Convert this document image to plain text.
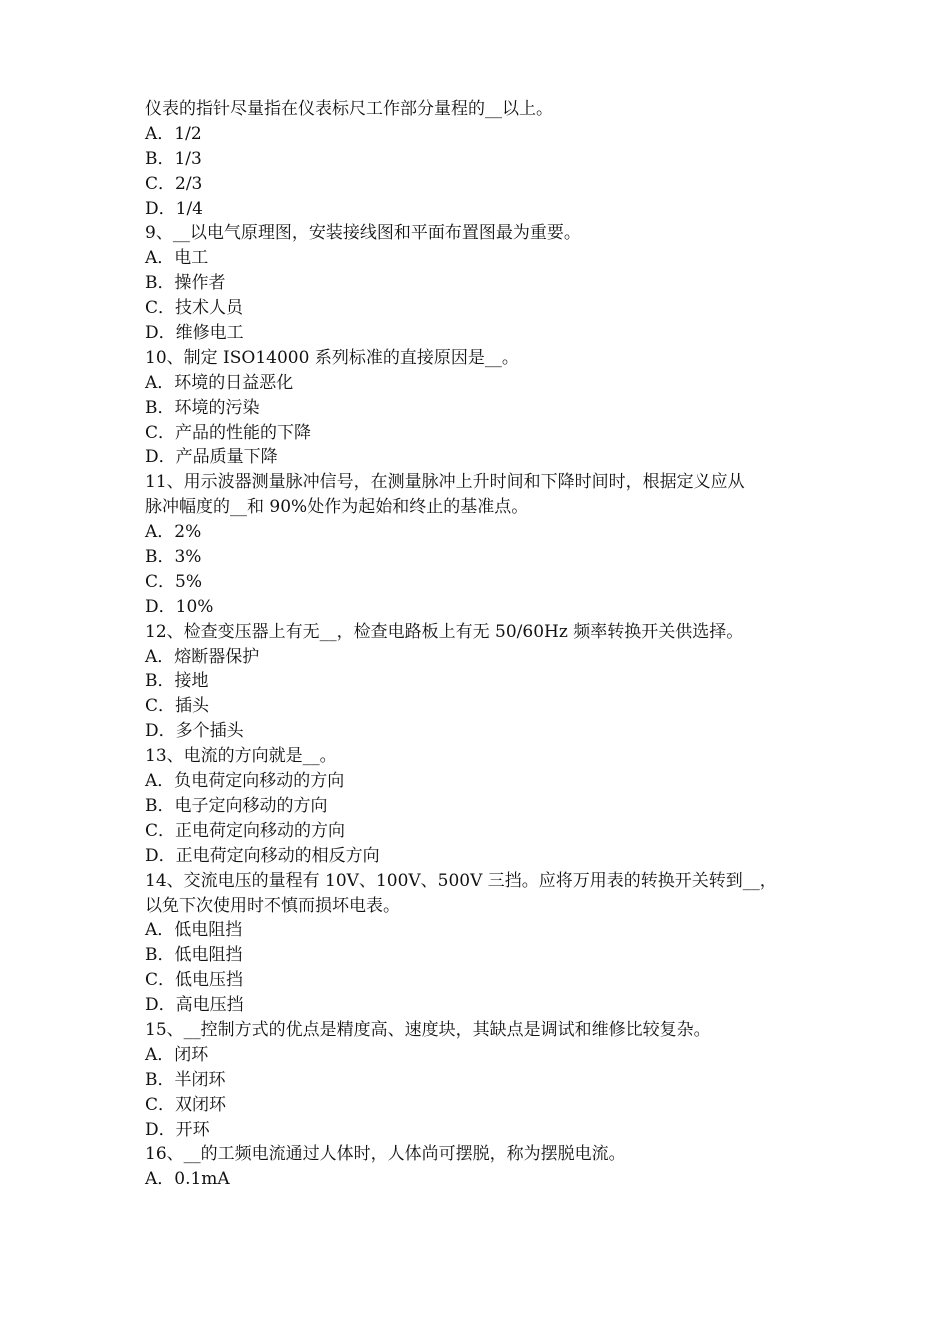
仪表的指针尽量指在仪表标尺工作部分量程的__以上。
A．1/2
B．1/3
C．2/3
D．1/4
9、__以电气原理图，安装接线图和平面布置图最为重要。
A．电工
B．操作者
C．技术人员
D．维修电工
10、制定 ISO14000 系列标准的直接原因是__。
A．环境的日益恶化
B．环境的污染
C．产品的性能的下降
D．产品质量下降
11、用示波器测量脉冲信号，在测量脉冲上升时间和下降时间时，根据定义应从
脉冲幅度的__和 90%处作为起始和终止的基准点。
A．2%
B．3%
C．5%
D．10%
12、检查变压器上有无__，检查电路板上有无 50/60Hz 频率转换开关供选择。
A．熔断器保护
B．接地
C．插头
D．多个插头
13、电流的方向就是__。
A．负电荷定向移动的方向
B．电子定向移动的方向
C．正电荷定向移动的方向
D．正电荷定向移动的相反方向
14、交流电压的量程有 10V、100V、500V 三挡。应将万用表的转换开关转到__，
以免下次使用时不慎而损坏电表。
A．低电阻挡
B．低电阻挡
C．低电压挡
D．高电压挡
15、__控制方式的优点是精度高、速度块，其缺点是调试和维修比较复杂。
A．闭环
B．半闭环
C．双闭环
D．开环
16、__的工频电流通过人体时，人体尚可摆脱，称为摆脱电流。
A．0.1mA
